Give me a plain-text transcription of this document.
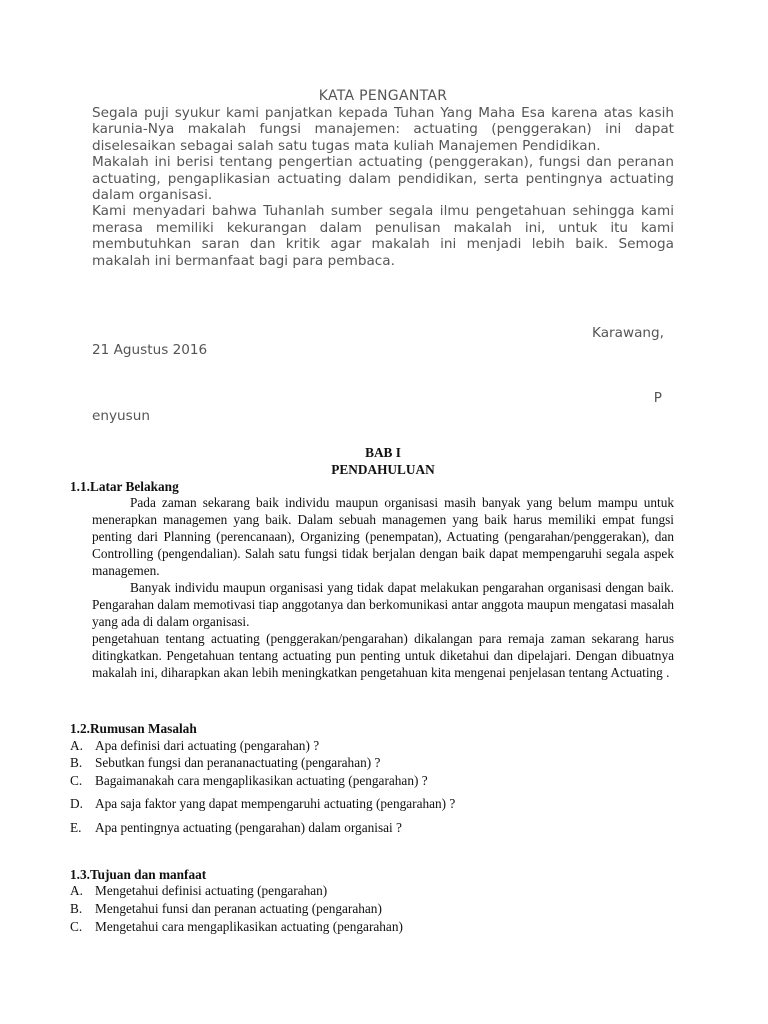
KATA PENGANTAR

Segala puji syukur kami panjatkan kepada Tuhan Yang Maha Esa karena atas kasih karunia-Nya makalah fungsi manajemen: actuating (penggerakan) ini dapat diselesaikan sebagai salah satu tugas mata kuliah Manajemen Pendidikan.

Makalah ini berisi tentang pengertian actuating (penggerakan), fungsi dan peranan actuating, pengaplikasian actuating dalam pendidikan, serta pentingnya actuating dalam organisasi.

Kami menyadari bahwa Tuhanlah sumber segala ilmu pengetahuan sehingga kami merasa memiliki kekurangan dalam penulisan makalah ini, untuk itu kami membutuhkan saran dan kritik agar makalah ini menjadi lebih baik. Semoga makalah ini bermanfaat bagi para pembaca.

Karawang,
21 Agustus 2016
P
enyusun
BAB I
PENDAHULUAN
1.1.Latar Belakang

Pada zaman sekarang baik individu maupun organisasi masih banyak yang belum mampu untuk menerapkan managemen yang baik. Dalam sebuah managemen yang baik harus memiliki empat fungsi penting dari Planning (perencanaan), Organizing (penempatan), Actuating (pengarahan/penggerakan), dan Controlling (pengendalian). Salah satu fungsi tidak berjalan dengan baik dapat mempengaruhi segala aspek managemen.

Banyak individu maupun organisasi yang tidak dapat melakukan pengarahan organisasi dengan baik. Pengarahan dalam memotivasi tiap anggotanya dan berkomunikasi antar anggota maupun mengatasi masalah yang ada di dalam organisasi.

pengetahuan tentang actuating (penggerakan/pengarahan) dikalangan para remaja zaman sekarang harus ditingkatkan. Pengetahuan tentang actuating pun penting untuk diketahui dan dipelajari. Dengan dibuatnya makalah ini, diharapkan akan lebih meningkatkan pengetahuan kita mengenai penjelasan tentang Actuating .

1.2.Rumusan Masalah
A. Apa definisi dari actuating (pengarahan) ?
B. Sebutkan fungsi dan perananactuating (pengarahan) ?
C. Bagaimanakah cara mengaplikasikan actuating (pengarahan) ?
D. Apa saja faktor yang dapat mempengaruhi actuating (pengarahan) ?
E. Apa pentingnya actuating (pengarahan) dalam organisai ?
1.3.Tujuan dan manfaat
A. Mengetahui definisi actuating (pengarahan)
B. Mengetahui funsi dan peranan actuating (pengarahan)
C. Mengetahui cara mengaplikasikan actuating (pengarahan)
